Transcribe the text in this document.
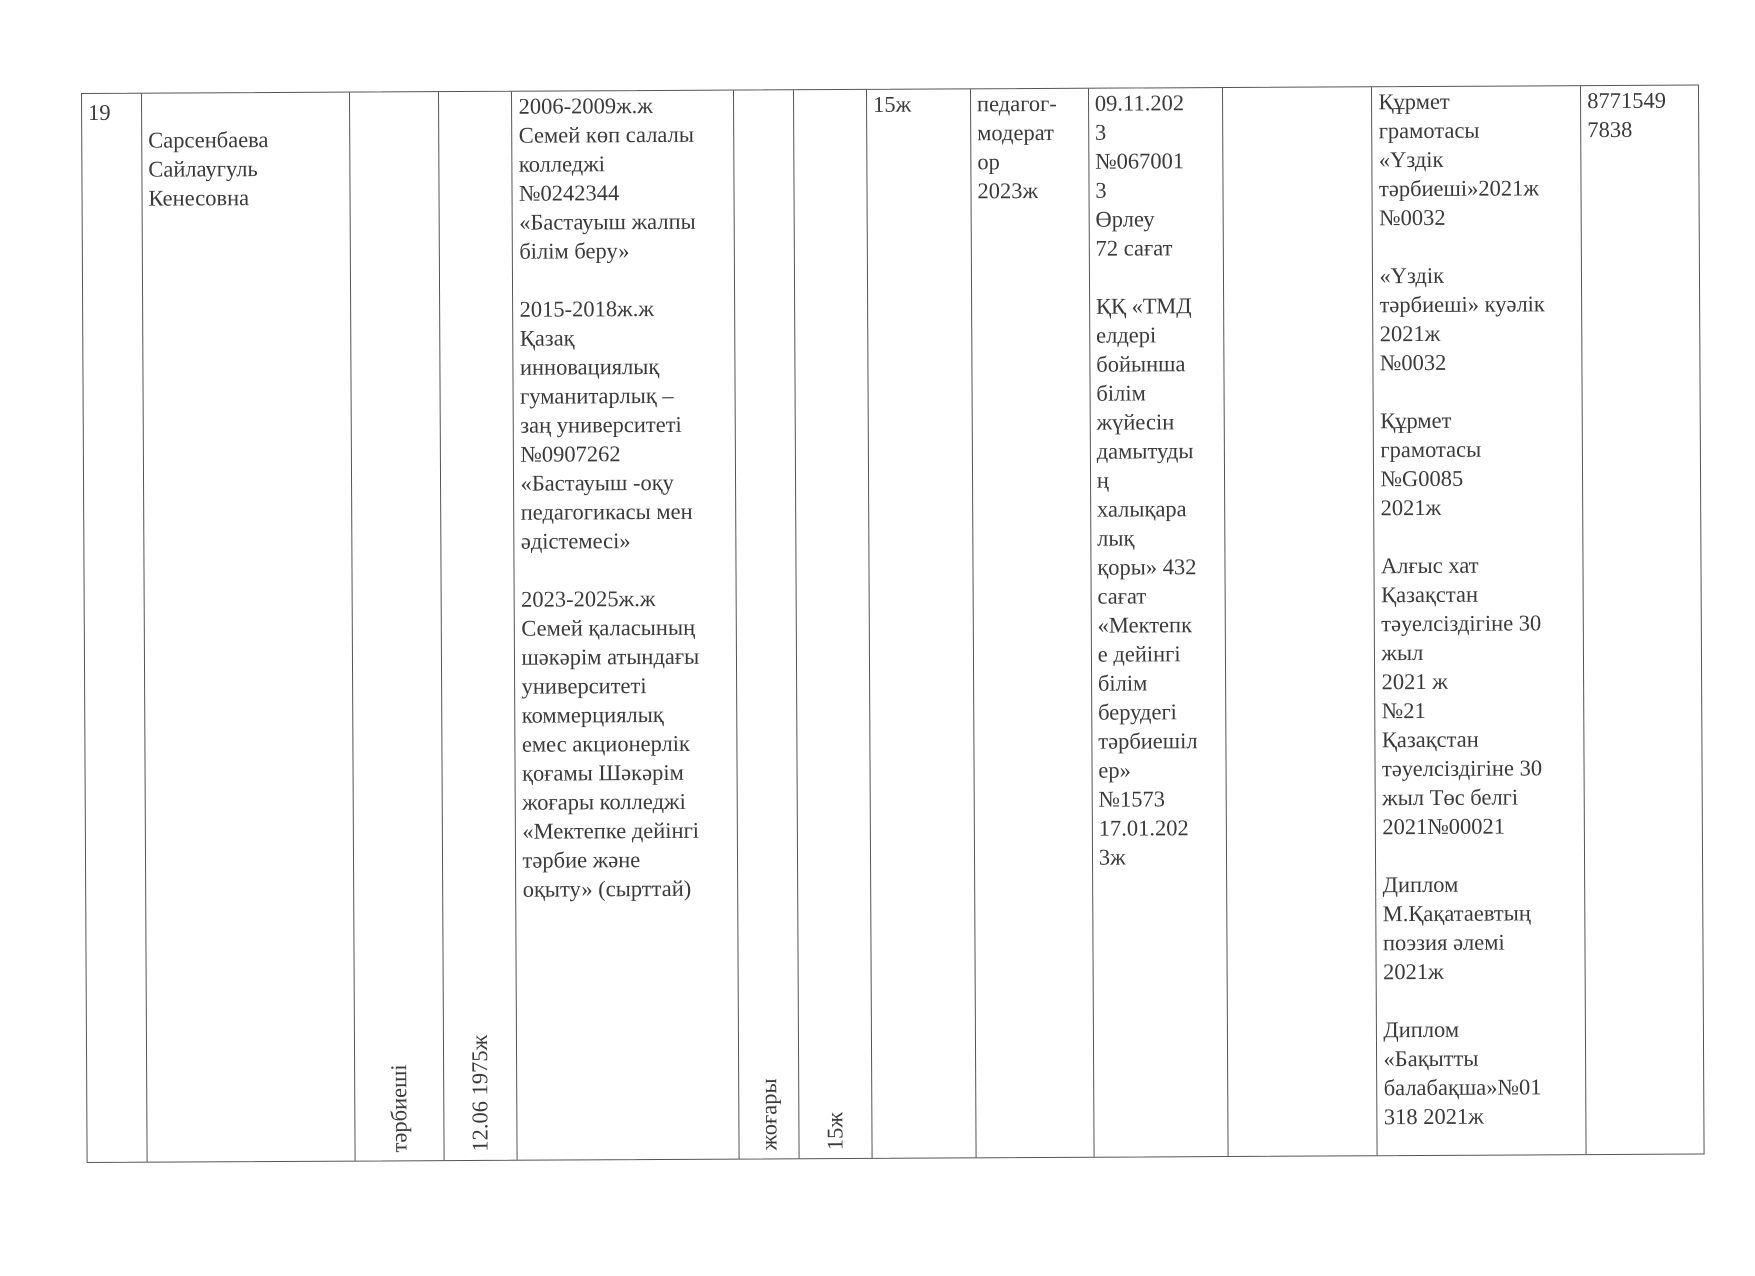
19
Сарсенбаева
Сайлаугуль
Кенесовна

тәрбиеші 12.06 1975ж

2006-2009ж.ж
Семей көп салалы
колледжі
№0242344
«Бастауыш жалпы
білім беру»

2015-2018ж.ж
Қазақ
инновациялық
гуманитарлық –
заң университеті
№0907262
«Бастауыш -оқу
педагогикасы мен
әдістемесі»

2023-2025ж.ж
Семей қаласының
шәкәрім атындағы
университеті
коммерциялық
емес акционерлік
қоғамы Шәкәрім
жоғары колледжі
«Мектепке дейінгі
тәрбие және
оқыту» (сырттай)

жоғары 15ж

15ж	педагог-
модерат
ор
2023ж
09.11.202
3
№067001
3
Өрлеу
72 сағат

ҚҚ «ТМД
елдері
бойынша
білім
жүйесін
дамытуды
ң
халықара
лық
қоры» 432
сағат
«Мектепк
е дейінгі
білім
берудегі
тәрбиешіл
ер»
№1573
17.01.202
3ж
Құрмет
грамотасы
«Үздік
тәрбиеші»2021ж
№0032

«Үздік
тәрбиеші» куәлік
2021ж
№0032

Құрмет
грамотасы
№G0085
2021ж

Алғыс хат
Қазақстан
тәуелсіздігіне 30
жыл
2021 ж
№21
Қазақстан
тәуелсіздігіне 30
жыл Төс белгі
2021№00021

Диплом
М.Қақатаевтың
поэзия әлемі
2021ж

Диплом
«Бақытты
балабақша»№01
318 2021ж
8771549
7838
